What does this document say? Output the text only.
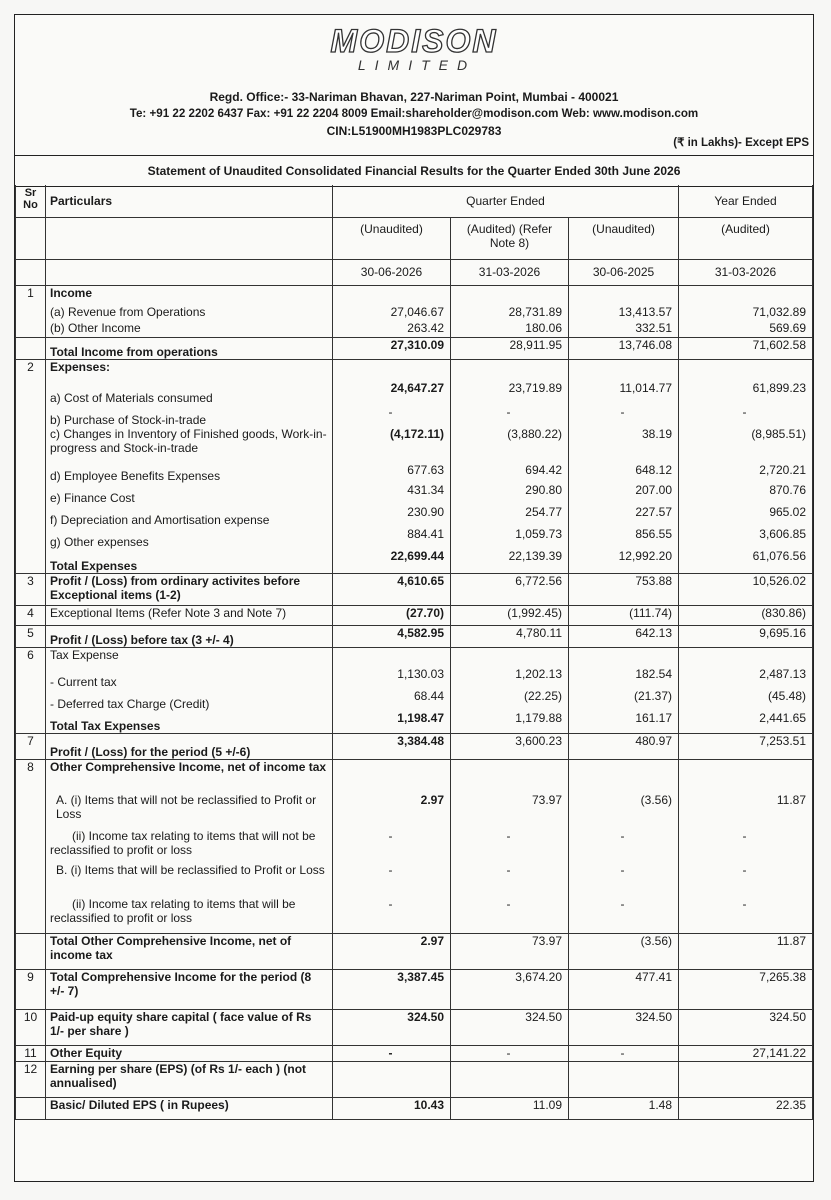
MODISON
LIMITED
Regd. Office:- 33-Nariman Bhavan, 227-Nariman Point, Mumbai - 400021
Te: +91 22 2202 6437 Fax: +91 22 2204 8009 Email:shareholder@modison.com Web: www.modison.com
CIN:L51900MH1983PLC029783
(₹ in Lakhs)- Except EPS
Statement of Unaudited Consolidated Financial Results for the Quarter Ended 30th June 2026
Sr No	Particulars	Quarter Ended			Year Ended
		(Unaudited)	(Audited) (Refer Note 8)	(Unaudited)	(Audited)
		30-06-2026	31-03-2026	30-06-2025	31-03-2026
1	Income				
	(a) Revenue from Operations	27,046.67	28,731.89	13,413.57	71,032.89
	(b) Other Income	263.42	180.06	332.51	569.69
	Total Income from operations	27,310.09	28,911.95	13,746.08	71,602.58
2	Expenses:				
	a) Cost of Materials consumed	24,647.27	23,719.89	11,014.77	61,899.23
	b) Purchase of Stock-in-trade	-	-	-	-
	c) Changes in Inventory of Finished goods, Work-in-progress and Stock-in-trade	(4,172.11)	(3,880.22)	38.19	(8,985.51)
	d) Employee Benefits Expenses	677.63	694.42	648.12	2,720.21
	e) Finance Cost	431.34	290.80	207.00	870.76
	f) Depreciation and Amortisation expense	230.90	254.77	227.57	965.02
	g) Other expenses	884.41	1,059.73	856.55	3,606.85
	Total Expenses	22,699.44	22,139.39	12,992.20	61,076.56
3	Profit / (Loss) from ordinary activites before Exceptional items (1-2)	4,610.65	6,772.56	753.88	10,526.02
4	Exceptional Items (Refer Note 3 and Note 7)	(27.70)	(1,992.45)	(111.74)	(830.86)
5	Profit / (Loss) before tax (3 +/- 4)	4,582.95	4,780.11	642.13	9,695.16
6	Tax Expense				
	- Current tax	1,130.03	1,202.13	182.54	2,487.13
	- Deferred tax Charge (Credit)	68.44	(22.25)	(21.37)	(45.48)
	Total Tax Expenses	1,198.47	1,179.88	161.17	2,441.65
7	Profit / (Loss) for the period (5 +/-6)	3,384.48	3,600.23	480.97	7,253.51
8	Other Comprehensive Income, net of income tax				
	A. (i) Items that will not be reclassified to Profit or Loss	2.97	73.97	(3.56)	11.87
	(ii) Income tax relating to items that will not be reclassified to profit or loss	-	-	-	-
	B. (i) Items that will be reclassified to Profit or Loss	-	-	-	-
	(ii) Income tax relating to items that will be reclassified to profit or loss	-	-	-	-
	Total Other Comprehensive Income, net of income tax	2.97	73.97	(3.56)	11.87
9	Total Comprehensive Income for the period (8 +/- 7)	3,387.45	3,674.20	477.41	7,265.38
10	Paid-up equity share capital ( face value of Rs 1/- per share )	324.50	324.50	324.50	324.50
11	Other Equity	-	-	-	27,141.22
12	Earning per share (EPS) (of Rs 1/- each ) (not annualised)				
	Basic/ Diluted EPS ( in Rupees)	10.43	11.09	1.48	22.35
